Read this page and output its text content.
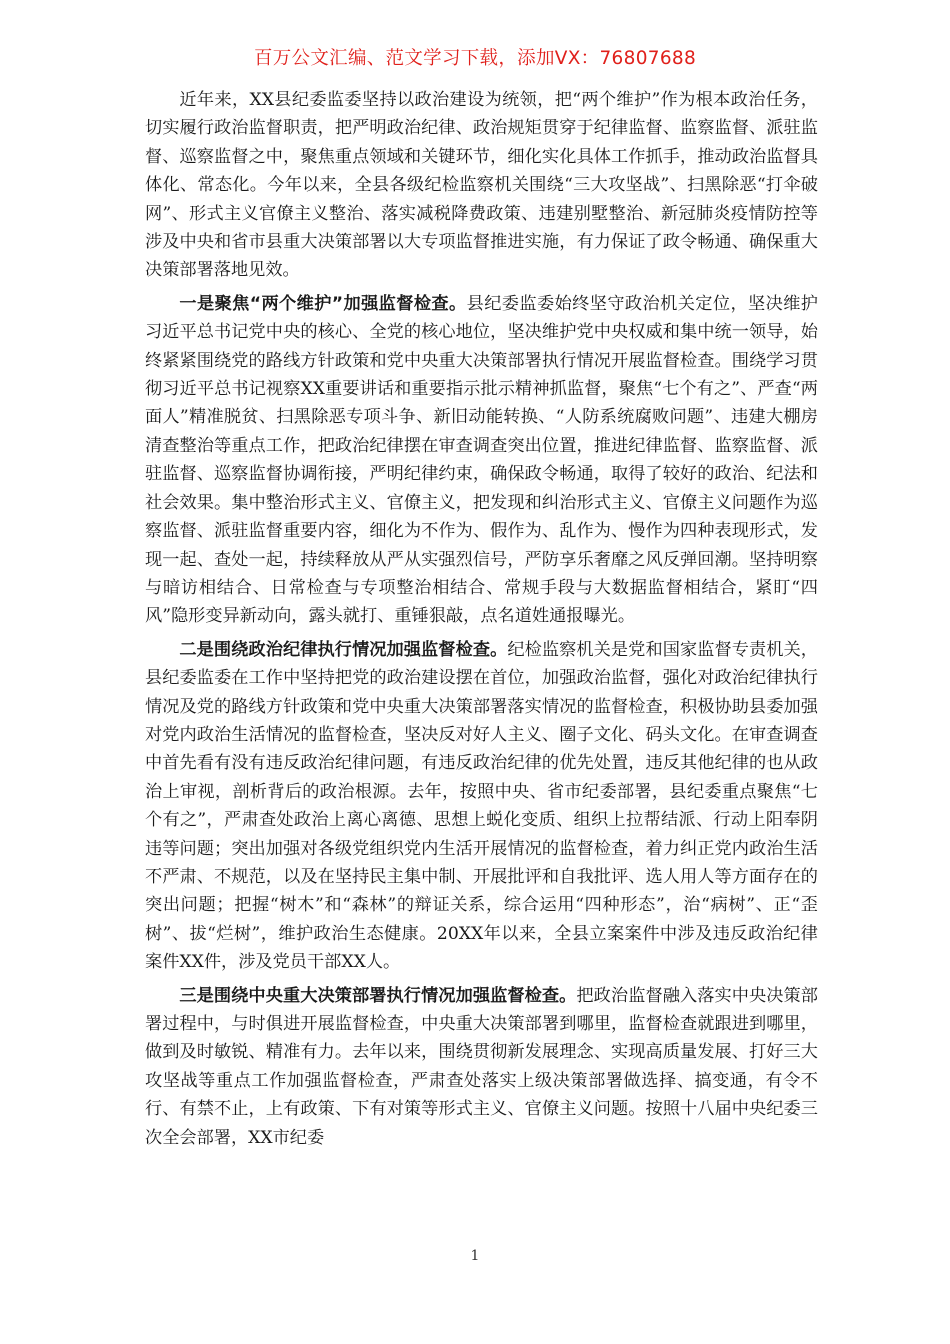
百万公文汇编、范文学习下载，添加VX：76807688

近年来，XX县纪委监委坚持以政治建设为统领，把“两个维护”作为根本政治任务，切实履行政治监督职责，把严明政治纪律、政治规矩贯穿于纪律监督、监察监督、派驻监督、巡察监督之中，聚焦重点领域和关键环节，细化实化具体工作抓手，推动政治监督具体化、常态化。今年以来，全县各级纪检监察机关围绕“三大攻坚战”、扫黑除恶“打伞破网”、形式主义官僚主义整治、落实减税降费政策、违建别墅整治、新冠肺炎疫情防控等涉及中央和省市县重大决策部署以大专项监督推进实施，有力保证了政令畅通、确保重大决策部署落地见效。

一是聚焦“两个维护”加强监督检查。县纪委监委始终坚守政治机关定位，坚决维护习近平总书记党中央的核心、全党的核心地位，坚决维护党中央权威和集中统一领导，始终紧紧围绕党的路线方针政策和党中央重大决策部署执行情况开展监督检查。围绕学习贯彻习近平总书记视察XX重要讲话和重要指示批示精神抓监督，聚焦“七个有之”、严查“两面人”精准脱贫、扫黑除恶专项斗争、新旧动能转换、“人防系统腐败问题”、违建大棚房清查整治等重点工作，把政治纪律摆在审查调查突出位置，推进纪律监督、监察监督、派驻监督、巡察监督协调衔接，严明纪律约束，确保政令畅通，取得了较好的政治、纪法和社会效果。集中整治形式主义、官僚主义，把发现和纠治形式主义、官僚主义问题作为巡察监督、派驻监督重要内容，细化为不作为、假作为、乱作为、慢作为四种表现形式，发现一起、查处一起，持续释放从严从实强烈信号，严防享乐奢靡之风反弹回潮。坚持明察与暗访相结合、日常检查与专项整治相结合、常规手段与大数据监督相结合，紧盯“四风”隐形变异新动向，露头就打、重锤狠敲，点名道姓通报曝光。

二是围绕政治纪律执行情况加强监督检查。纪检监察机关是党和国家监督专责机关，县纪委监委在工作中坚持把党的政治建设摆在首位，加强政治监督，强化对政治纪律执行情况及党的路线方针政策和党中央重大决策部署落实情况的监督检查，积极协助县委加强对党内政治生活情况的监督检查，坚决反对好人主义、圈子文化、码头文化。在审查调查中首先看有没有违反政治纪律问题，有违反政治纪律的优先处置，违反其他纪律的也从政治上审视，剖析背后的政治根源。去年，按照中央、省市纪委部署，县纪委重点聚焦“七个有之”，严肃查处政治上离心离德、思想上蜕化变质、组织上拉帮结派、行动上阳奉阴违等问题；突出加强对各级党组织党内生活开展情况的监督检查，着力纠正党内政治生活不严肃、不规范，以及在坚持民主集中制、开展批评和自我批评、选人用人等方面存在的突出问题；把握“树木”和“森林”的辩证关系，综合运用“四种形态”，治“病树”、正“歪树”、拔“烂树”，维护政治生态健康。20XX年以来，全县立案案件中涉及违反政治纪律案件XX件，涉及党员干部XX人。

三是围绕中央重大决策部署执行情况加强监督检查。把政治监督融入落实中央决策部署过程中，与时俱进开展监督检查，中央重大决策部署到哪里，监督检查就跟进到哪里，做到及时敏锐、精准有力。去年以来，围绕贯彻新发展理念、实现高质量发展、打好三大攻坚战等重点工作加强监督检查，严肃查处落实上级决策部署做选择、搞变通，有令不行、有禁不止，上有政策、下有对策等形式主义、官僚主义问题。按照十八届中央纪委三次全会部署，XX市纪委

1
